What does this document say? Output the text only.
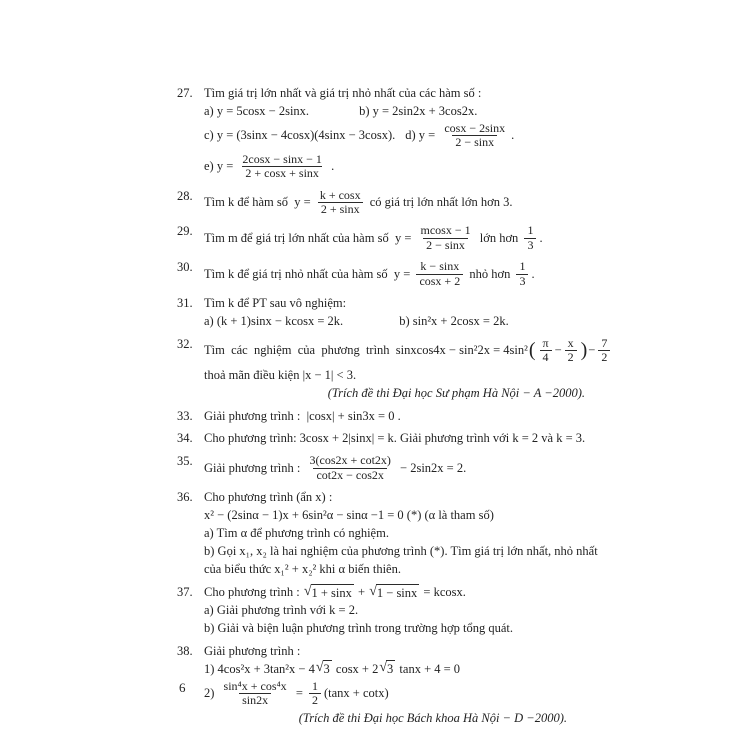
27. Tìm giá trị lớn nhất và giá trị nhỏ nhất của các hàm số :
a) y = 5cosx − 2sinx.	b) y = 2sin2x + 3cos2x.
c) y = (3sinx − 4cosx)(4sinx − 3cosx). d) $y = \frac{\cos x - 2\sin x}{2 - \sin x}$ .
e) $y = \frac{2\cos x - \sin x - 1}{2 + \cos x + \sin x}$ .
28. Tìm k để hàm số  $y = \frac{k + \cos x}{2 + \sin x}$ có giá trị lớn nhất lớn hơn 3.
29. Tìm m để giá trị lớn nhất của hàm số  $y = \frac{mcosx - 1}{2 - \sin x}$ lớn hơn $\frac{1}{3}$ .
30. Tìm k để giá trị nhỏ nhất của hàm số  $y = \frac{k - \sin x}{\cos x + 2}$ nhỏ hơn $\frac{1}{3}$ .
31. Tìm k để PT sau vô nghiệm:
a) (k + 1)sinx − kcosx = 2k.	b) sin²x + 2cosx = 2k.
32. Tìm  các  nghiệm  của  phương  trình  sinxcos4x − sin²2x = 4sin² ( $\frac{\pi}{4} - \frac{x}{2}$ ) − $\frac{7}{2}$
thoả mãn điều kiện |x − 1| < 3.
(Trích đề thi Đại học Sư phạm Hà Nội − A −2000).
33. Giải phương trình :  |cosx| + sin3x = 0 .
34. Cho phương trình: 3cosx + 2|sinx| = k. Giải phương trình với k = 2 và k = 3.
35. Giải phương trình : $\frac{3(\cos 2x + \cot 2x)}{\cot 2x - \cos 2x} - 2\sin 2x = 2$.
36. Cho phương trình (ẩn x) :
x² − (2sinα − 1)x + 6sin²α − sinα −1 = 0 (*) (α là tham số)
a) Tìm α để phương trình có nghiệm.
b) Gọi x₁, x₂ là hai nghiệm của phương trình (*). Tìm giá trị lớn nhất, nhỏ nhất
của biểu thức x₁² + x₂² khi α biến thiên.
37. Cho phương trình : √ 1 + sinx + √ 1 − sinx = kcosx.
a) Giải phương trình với k = 2.
b) Giải và biện luận phương trình trong trường hợp tổng quát.
38. Giải phương trình :
1) 4cos²x + 3tan²x − 4 √ 3 cosx + 2 √ 3 tanx + 4 = 0
$2) \frac{\text{sin⁴x + cos⁴x}}{\sin 2x} = \frac{1}{2} (\tan x + \cot x)$
(Trích đề thi Đại học Bách khoa Hà Nội − D −2000).
6
